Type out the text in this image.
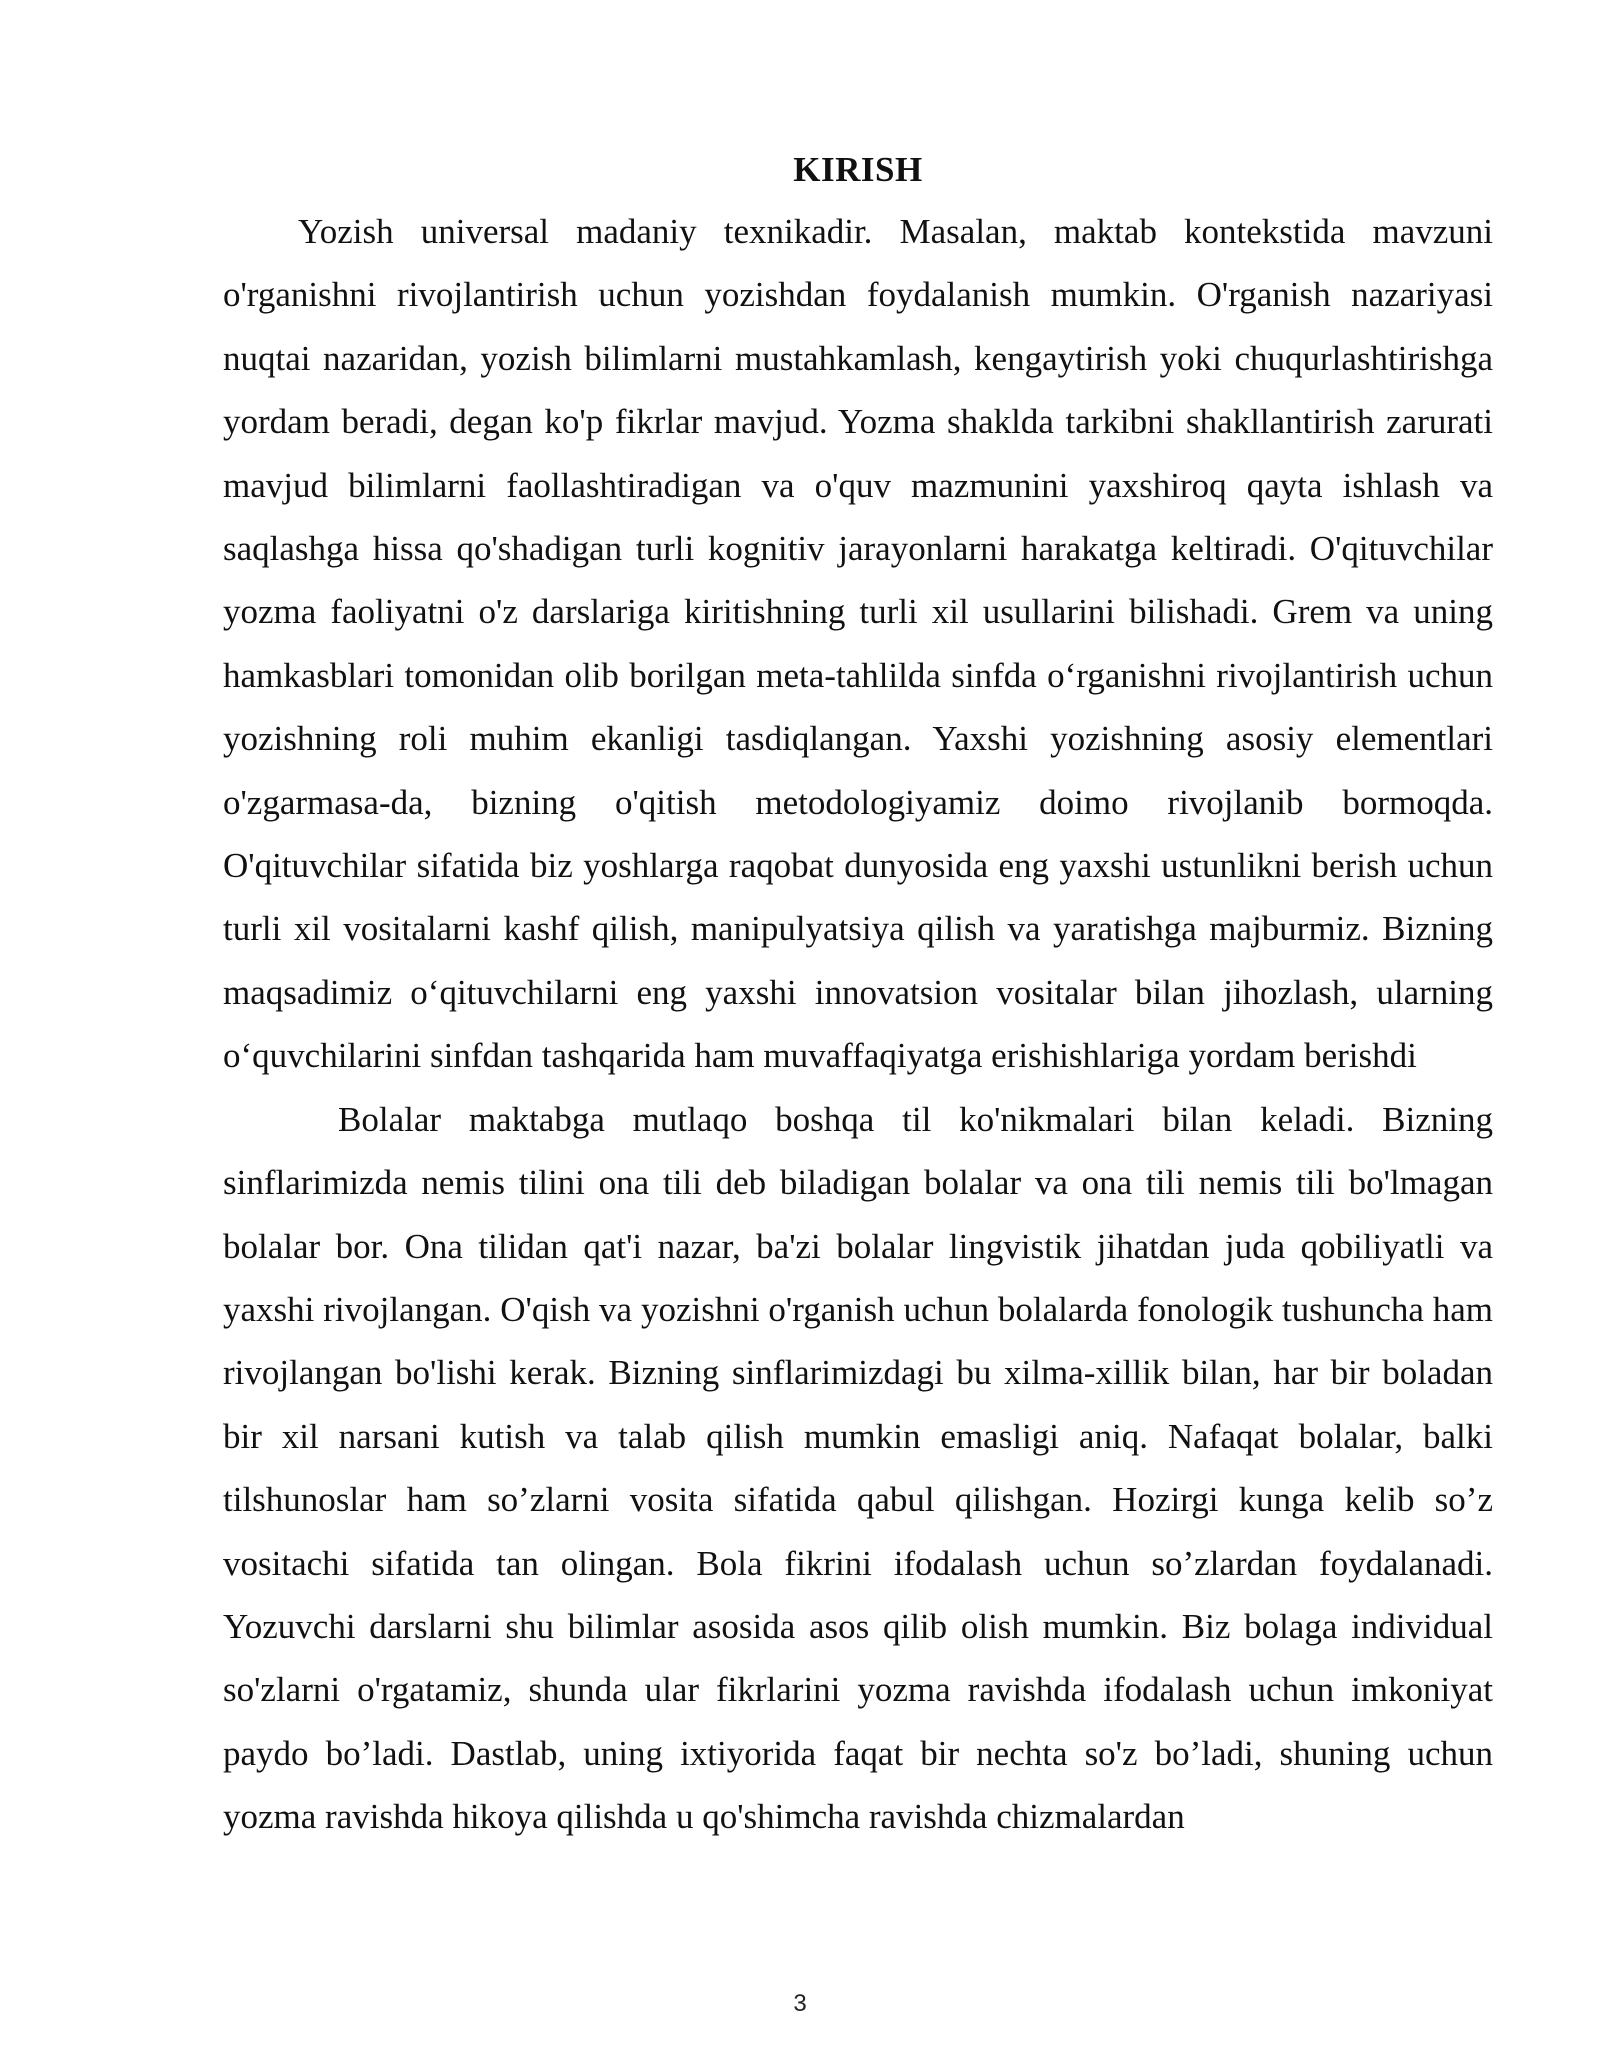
KIRISH

Yozish universal madaniy texnikadir. Masalan, maktab kontekstida mavzuni o'rganishni rivojlantirish uchun yozishdan foydalanish mumkin. O'rganish nazariyasi nuqtai nazaridan, yozish bilimlarni mustahkamlash, kengaytirish yoki chuqurlashtirishga yordam beradi, degan ko'p fikrlar mavjud. Yozma shaklda tarkibni shakllantirish zarurati mavjud bilimlarni faollashtiradigan va o'quv mazmunini yaxshiroq qayta ishlash va saqlashga hissa qo'shadigan turli kognitiv jarayonlarni harakatga keltiradi. O'qituvchilar yozma faoliyatni o'z darslariga kiritishning turli xil usullarini bilishadi. Grem va uning hamkasblari tomonidan olib borilgan meta-tahlilda sinfda o‘rganishni rivojlantirish uchun yozishning roli muhim ekanligi tasdiqlangan. Yaxshi yozishning asosiy elementlari o'zgarmasa-da, bizning o'qitish metodologiyamiz doimo rivojlanib bormoqda. O'qituvchilar sifatida biz yoshlarga raqobat dunyosida eng yaxshi ustunlikni berish uchun turli xil vositalarni kashf qilish, manipulyatsiya qilish va yaratishga majburmiz. Bizning maqsadimiz o‘qituvchilarni eng yaxshi innovatsion vositalar bilan jihozlash, ularning o‘quvchilarini sinfdan tashqarida ham muvaffaqiyatga erishishlariga yordam berishdi

Bolalar maktabga mutlaqo boshqa til ko'nikmalari bilan keladi. Bizning sinflarimizda nemis tilini ona tili deb biladigan bolalar va ona tili nemis tili bo'lmagan bolalar bor. Ona tilidan qat'i nazar, ba'zi bolalar lingvistik jihatdan juda qobiliyatli va yaxshi rivojlangan. O'qish va yozishni o'rganish uchun bolalarda fonologik tushuncha ham rivojlangan bo'lishi kerak. Bizning sinflarimizdagi bu xilma-xillik bilan, har bir boladan bir xil narsani kutish va talab qilish mumkin emasligi aniq. Nafaqat bolalar, balki tilshunoslar ham so’zlarni vosita sifatida qabul qilishgan. Hozirgi kunga kelib so’z vositachi sifatida tan olingan. Bola fikrini ifodalash uchun so’zlardan foydalanadi. Yozuvchi darslarni shu bilimlar asosida asos qilib olish mumkin. Biz bolaga individual so'zlarni o'rgatamiz, shunda ular fikrlarini yozma ravishda ifodalash uchun imkoniyat paydo bo’ladi. Dastlab, uning ixtiyorida faqat bir nechta so'z bo’ladi, shuning uchun yozma ravishda hikoya qilishda u qo'shimcha ravishda chizmalardan

3
